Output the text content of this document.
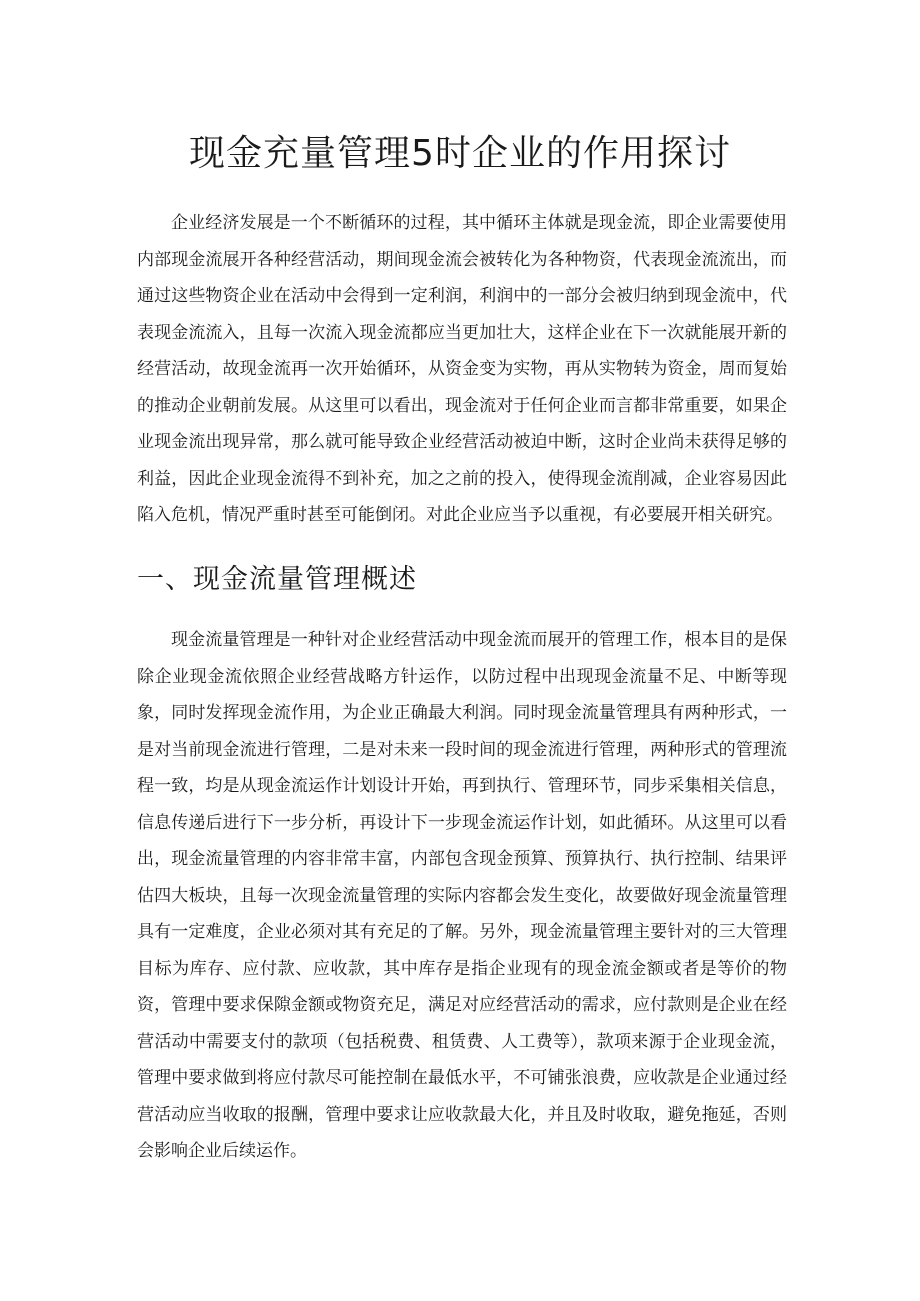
现金充量管理5时企业的作用探讨

企业经济发展是一个不断循环的过程，其中循环主体就是现金流，即企业需要使用内部现金流展开各种经营活动，期间现金流会被转化为各种物资，代表现金流流出，而通过这些物资企业在活动中会得到一定利润，利润中的一部分会被归纳到现金流中，代表现金流流入，且每一次流入现金流都应当更加壮大，这样企业在下一次就能展开新的经营活动，故现金流再一次开始循环，从资金变为实物，再从实物转为资金，周而复始的推动企业朝前发展。从这里可以看出，现金流对于任何企业而言都非常重要，如果企业现金流出现异常，那么就可能导致企业经营活动被迫中断，这时企业尚未获得足够的利益，因此企业现金流得不到补充，加之之前的投入，使得现金流削减，企业容易因此陷入危机，情况严重时甚至可能倒闭。对此企业应当予以重视，有必要展开相关研究。

一、现金流量管理概述

现金流量管理是一种针对企业经营活动中现金流而展开的管理工作，根本目的是保除企业现金流依照企业经营战略方针运作，以防过程中出现现金流量不足、中断等现象，同时发挥现金流作用，为企业正确最大利润。同时现金流量管理具有两种形式，一是对当前现金流进行管理，二是对未来一段时间的现金流进行管理，两种形式的管理流程一致，均是从现金流运作计划设计开始，再到执行、管理环节，同步采集相关信息，信息传递后进行下一步分析，再设计下一步现金流运作计划，如此循环。从这里可以看出，现金流量管理的内容非常丰富，内部包含现金预算、预算执行、执行控制、结果评估四大板块，且每一次现金流量管理的实际内容都会发生变化，故要做好现金流量管理具有一定难度，企业必须对其有充足的了解。另外，现金流量管理主要针对的三大管理目标为库存、应付款、应收款，其中库存是指企业现有的现金流金额或者是等价的物资，管理中要求保隙金额或物资充足，满足对应经营活动的需求，应付款则是企业在经营活动中需要支付的款项（包括税费、租赁费、人工费等），款项来源于企业现金流，管理中要求做到将应付款尽可能控制在最低水平，不可铺张浪费，应收款是企业通过经营活动应当收取的报酬，管理中要求让应收款最大化，并且及时收取，避免拖延，否则会影响企业后续运作。
